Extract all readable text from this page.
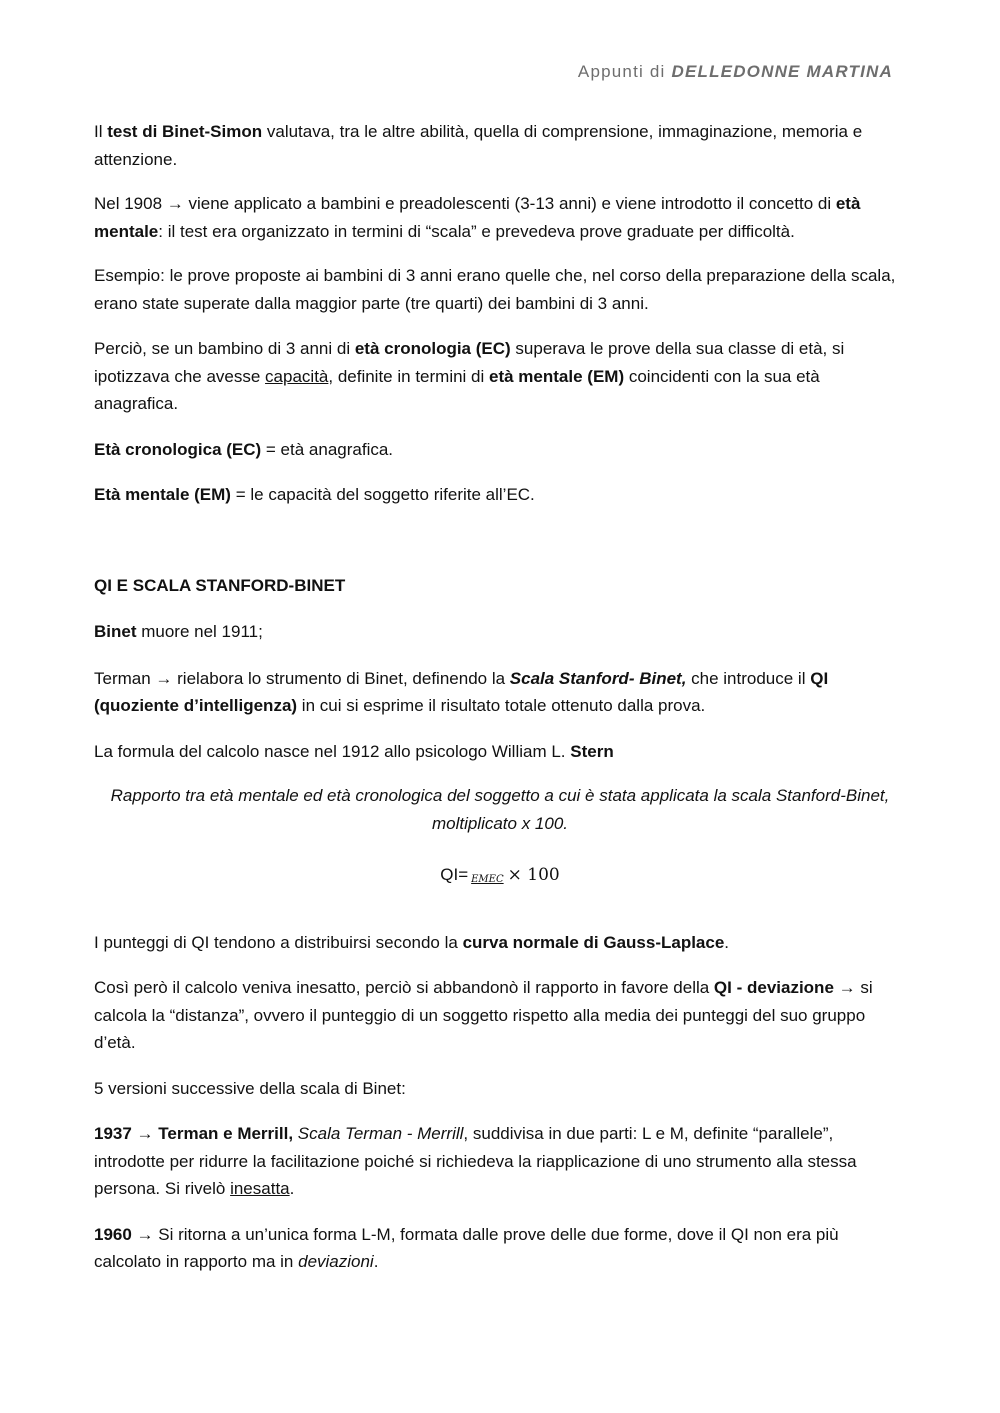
Appunti di DELLEDONNE MARTINA

Il test di Binet-Simon valutava, tra le altre abilità, quella di comprensione, immaginazione, memoria e attenzione.

Nel 1908 → viene applicato a bambini e preadolescenti (3-13 anni) e viene introdotto il concetto di età mentale: il test era organizzato in termini di “scala” e prevedeva prove graduate per difficoltà.

Esempio: le prove proposte ai bambini di 3 anni erano quelle che, nel corso della preparazione della scala, erano state superate dalla maggior parte (tre quarti) dei bambini di 3 anni.

Perciò, se un bambino di 3 anni di età cronologia (EC) superava le prove della sua classe di età, si ipotizzava che avesse capacità, definite in termini di età mentale (EM) coincidenti con la sua età anagrafica.

Età cronologica (EC) = età anagrafica.

Età mentale (EM) = le capacità del soggetto riferite all’EC.

QI E SCALA STANFORD-BINET

Binet muore nel 1911;

Terman → rielabora lo strumento di Binet, definendo la Scala Stanford- Binet, che introduce il QI (quoziente d’intelligenza) in cui si esprime il risultato totale ottenuto dalla prova.

La formula del calcolo nasce nel 1912 allo psicologo William L. Stern

Rapporto tra età mentale ed età cronologica del soggetto a cui è stata applicata la scala Stanford-Binet, moltiplicato x 100.

QI= EMEC × 100

I punteggi di QI tendono a distribuirsi secondo la curva normale di Gauss-Laplace.

Così però il calcolo veniva inesatto, perciò si abbandonò il rapporto in favore della QI - deviazione → si calcola la “distanza”, ovvero il punteggio di un soggetto rispetto alla media dei punteggi del suo gruppo d’età.

5 versioni successive della scala di Binet:

1937 → Terman e Merrill, Scala Terman - Merrill, suddivisa in due parti: L e M, definite “parallele”, introdotte per ridurre la facilitazione poiché si richiedeva la riapplicazione di uno strumento alla stessa persona. Si rivelò inesatta.

1960 → Si ritorna a un’unica forma L-M, formata dalle prove delle due forme, dove il QI non era più calcolato in rapporto ma in deviazioni.
